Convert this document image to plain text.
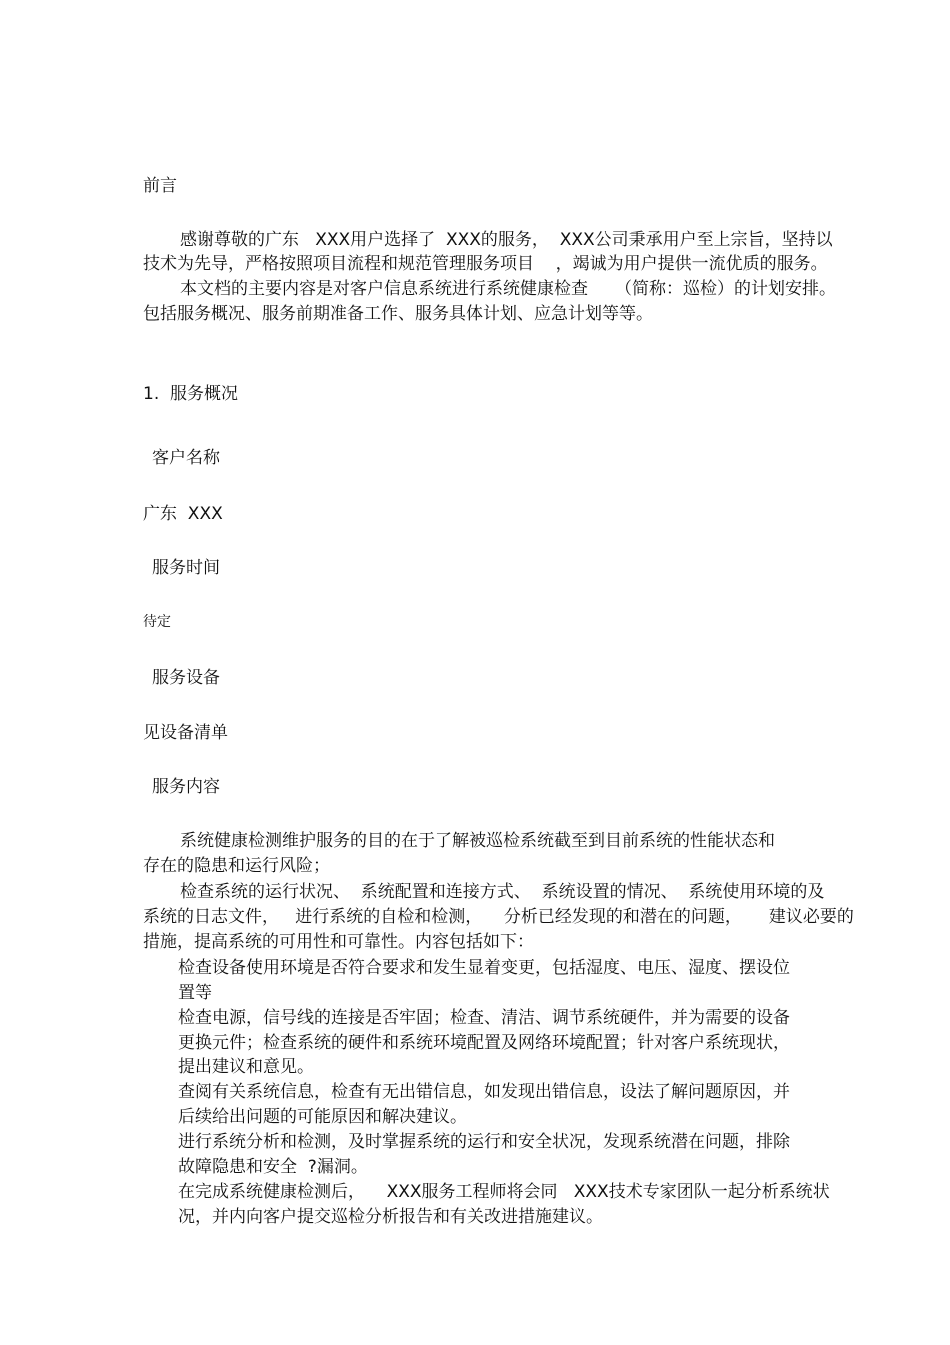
前言
感谢尊敬的广东   XXX用户选择了  XXX的服务，  XXX公司秉承用户至上宗旨，坚持以
技术为先导，严格按照项目流程和规范管理服务项目    ，竭诚为用户提供一流优质的服务。
本文档的主要内容是对客户信息系统进行系统健康检查     （简称：巡检）的计划安排。
包括服务概况、服务前期准备工作、服务具体计划、应急计划等等。
1.  服务概况
客户名称
广东  XXX
服务时间
待定
服务设备
见设备清单
服务内容
系统健康检测维护服务的目的在于了解被巡检系统截至到目前系统的性能状态和
存在的隐患和运行风险；
检查系统的运行状况、  系统配置和连接方式、  系统设置的情况、  系统使用环境的及
系统的日志文件，   进行系统的自检和检测，    分析已经发现的和潜在的问题，     建议必要的
措施，提高系统的可用性和可靠性。内容包括如下：
检查设备使用环境是否符合要求和发生显着变更，包括湿度、电压、湿度、摆设位
置等
检查电源，信号线的连接是否牢固；检查、清洁、调节系统硬件，并为需要的设备
更换元件；检查系统的硬件和系统环境配置及网络环境配置；针对客户系统现状，
提出建议和意见。
查阅有关系统信息，检查有无出错信息，如发现出错信息，设法了解问题原因，并
后续给出问题的可能原因和解决建议。
进行系统分析和检测，及时掌握系统的运行和安全状况，发现系统潜在问题，排除
故障隐患和安全  ?漏洞。
在完成系统健康检测后，    XXX服务工程师将会同   XXX技术专家团队一起分析系统状
况，并内向客户提交巡检分析报告和有关改进措施建议。
